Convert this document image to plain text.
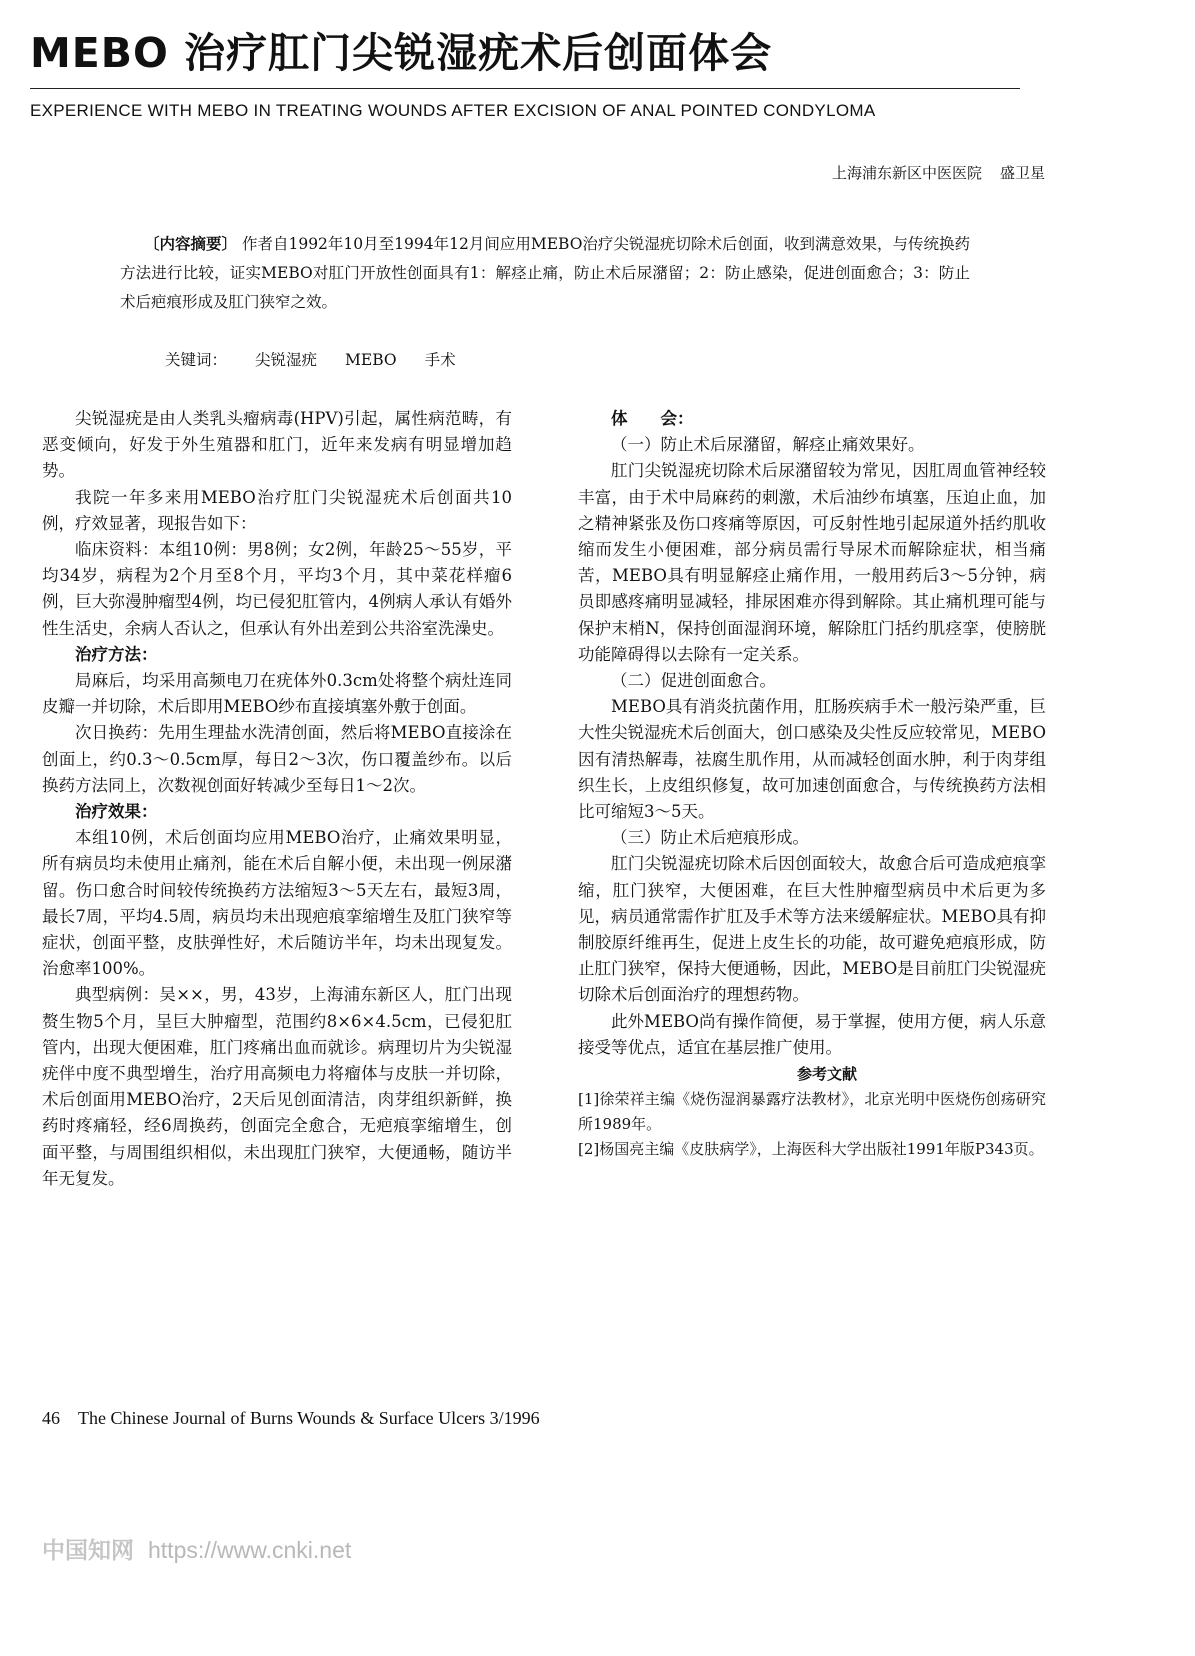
MEBO 治疗肛门尖锐湿疣术后创面体会
EXPERIENCE WITH MEBO IN TREATING WOUNDS AFTER EXCISION OF ANAL POINTED CONDYLOMA
上海浦东新区中医医院 盛卫星

〔内容摘要〕 作者自1992年10月至1994年12月间应用MEBO治疗尖锐湿疣切除术后创面，收到满意效果，与传统换药方法进行比较，证实MEBO对肛门开放性创面具有1：解痉止痛，防止术后尿潴留；2：防止感染，促进创面愈合；3：防止术后疤痕形成及肛门狭窄之效。

关键词： 尖锐湿疣 MEBO 手术

尖锐湿疣是由人类乳头瘤病毒(HPV)引起，属性病范畴，有恶变倾向，好发于外生殖器和肛门，近年来发病有明显增加趋势。

我院一年多来用MEBO治疗肛门尖锐湿疣术后创面共10例，疗效显著，现报告如下：

临床资料：本组10例：男8例；女2例，年龄25～55岁，平均34岁，病程为2个月至8个月，平均3个月，其中菜花样瘤6例，巨大弥漫肿瘤型4例，均已侵犯肛管内，4例病人承认有婚外性生活史，余病人否认之，但承认有外出差到公共浴室洗澡史。

治疗方法：

局麻后，均采用高频电刀在疣体外0.3cm处将整个病灶连同皮瓣一并切除，术后即用MEBO纱布直接填塞外敷于创面。

次日换药：先用生理盐水洗清创面，然后将MEBO直接涂在创面上，约0.3～0.5cm厚，每日2～3次，伤口覆盖纱布。以后换药方法同上，次数视创面好转减少至每日1～2次。

治疗效果：

本组10例，术后创面均应用MEBO治疗，止痛效果明显，所有病员均未使用止痛剂，能在术后自解小便，未出现一例尿潴留。伤口愈合时间较传统换药方法缩短3～5天左右，最短3周，最长7周，平均4.5周，病员均未出现疤痕挛缩增生及肛门狭窄等症状，创面平整，皮肤弹性好，术后随访半年，均未出现复发。治愈率100%。

典型病例：吴××，男，43岁，上海浦东新区人，肛门出现赘生物5个月，呈巨大肿瘤型，范围约8×6×4.5cm，已侵犯肛管内，出现大便困难，肛门疼痛出血而就诊。病理切片为尖锐湿疣伴中度不典型增生，治疗用高频电力将瘤体与皮肤一并切除，术后创面用MEBO治疗，2天后见创面清洁，肉芽组织新鲜，换药时疼痛轻，经6周换药，创面完全愈合，无疤痕挛缩增生，创面平整，与周围组织相似，未出现肛门狭窄，大便通畅，随访半年无复发。

体　　会：

（一）防止术后尿潴留，解痉止痛效果好。

肛门尖锐湿疣切除术后尿潴留较为常见，因肛周血管神经较丰富，由于术中局麻药的刺激，术后油纱布填塞，压迫止血，加之精神紧张及伤口疼痛等原因，可反射性地引起尿道外括约肌收缩而发生小便困难，部分病员需行导尿术而解除症状，相当痛苦，MEBO具有明显解痉止痛作用，一般用药后3～5分钟，病员即感疼痛明显减轻，排尿困难亦得到解除。其止痛机理可能与保护末梢N，保持创面湿润环境，解除肛门括约肌痉挛，使膀胱功能障碍得以去除有一定关系。

（二）促进创面愈合。

MEBO具有消炎抗菌作用，肛肠疾病手术一般污染严重，巨大性尖锐湿疣术后创面大，创口感染及尖性反应较常见，MEBO因有清热解毒，祛腐生肌作用，从而减轻创面水肿，利于肉芽组织生长，上皮组织修复，故可加速创面愈合，与传统换药方法相比可缩短3～5天。

（三）防止术后疤痕形成。

肛门尖锐湿疣切除术后因创面较大，故愈合后可造成疤痕挛缩，肛门狭窄，大便困难，在巨大性肿瘤型病员中术后更为多见，病员通常需作扩肛及手术等方法来缓解症状。MEBO具有抑制胶原纤维再生，促进上皮生长的功能，故可避免疤痕形成，防止肛门狭窄，保持大便通畅，因此，MEBO是目前肛门尖锐湿疣切除术后创面治疗的理想药物。

此外MEBO尚有操作简便，易于掌握，使用方便，病人乐意接受等优点，适宜在基层推广使用。

参考文献

[1]徐荣祥主编《烧伤湿润暴露疗法教材》，北京光明中医烧伤创疡研究所1989年。

[2]杨国亮主编《皮肤病学》，上海医科大学出版社1991年版P343页。

46 The Chinese Journal of Burns Wounds & Surface Ulcers 3/1996
中国知网 https://www.cnki.net
